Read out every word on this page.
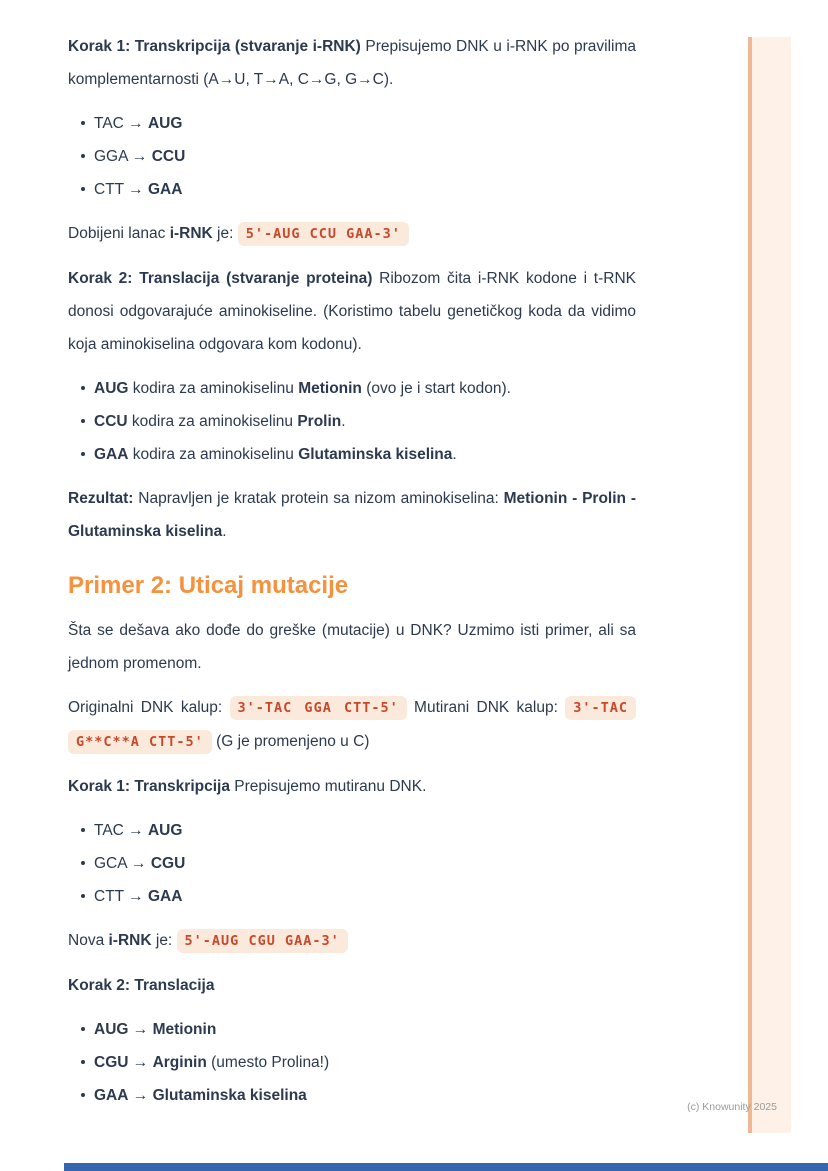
Korak 1: Transkripcija (stvaranje i-RNK) Prepisujemo DNK u i-RNK po pravilima komplementarnosti (A→U, T→A, C→G, G→C).

TAC → AUG
GGA → CCU
CTT → GAA

Dobijeni lanac i-RNK je: 5'-AUG CCU GAA-3'

Korak 2: Translacija (stvaranje proteina) Ribozom čita i-RNK kodone i t-RNK donosi odgovarajuće aminokiseline. (Koristimo tabelu genetičkog koda da vidimo koja aminokiselina odgovara kom kodonu).

AUG kodira za aminokiselinu Metionin (ovo je i start kodon).
CCU kodira za aminokiselinu Prolin.
GAA kodira za aminokiselinu Glutaminska kiselina.

Rezultat: Napravljen je kratak protein sa nizom aminokiselina: Metionin - Prolin - Glutaminska kiselina.

Primer 2: Uticaj mutacije

Šta se dešava ako dođe do greške (mutacije) u DNK? Uzmimo isti primer, ali sa jednom promenom.

Originalni DNK kalup: 3'-TAC GGA CTT-5' Mutirani DNK kalup: 3'-TAC G**C**A CTT-5' (G je promenjeno u C)

Korak 1: Transkripcija Prepisujemo mutiranu DNK.

TAC → AUG
GCA → CGU
CTT → GAA

Nova i-RNK je: 5'-AUG CGU GAA-3'

Korak 2: Translacija

AUG → Metionin
CGU → Arginin (umesto Prolina!)
GAA → Glutaminska kiselina
(c) Knowunity 2025
